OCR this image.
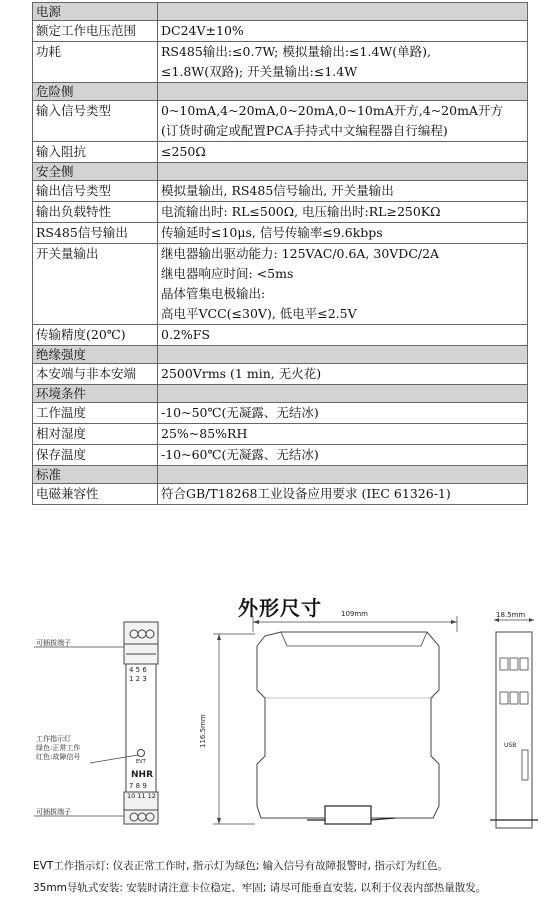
电源	
额定工作电压范围	DC24V±10%

功耗	RS485输出:≤0.7W; 模拟量输出:≤1.4W(单路),
≤1.8W(双路); 开关量输出:≤1.4W

危险侧	
输入信号类型	0~10mA,4~20mA,0~20mA,0~10mA开方,4~20mA开方
(订货时确定或配置PCA手持式中文编程器自行编程)

输入阻抗	≤250Ω

安全侧	
输出信号类型	模拟量输出, RS485信号输出, 开关量输出

输出负载特性	电流输出时: RL≤500Ω, 电压输出时:RL≥250KΩ

RS485信号输出	传输延时≤10μs, 信号传输率≤9.6kbps

开关量输出	继电器输出驱动能力: 125VAC/0.6A, 30VDC/2A
继电器响应时间: <5ms
晶体管集电极输出:
高电平VCC(≤30V), 低电平≤2.5V

传输精度(20℃)	0.2%FS

绝缘强度	
本安端与非本安端	2500Vrms (1 min, 无火花)

环境条件	
工作温度	-10~50℃(无凝露、无结冰)

相对湿度	25%~85%RH

保存温度	-10~60℃(无凝露、无结冰)

标准	
电磁兼容性	符合GB/T18268工业设备应用要求 (IEC 61326-1)
外形尺寸
可插拔端子
可插拔端子
工作指示灯
绿色:正常工作
红色:故障信号
4 5 6
1 2 3
EVT
NHR
7 8 9
10 11 12
109mm
116.5mm
18.5mm
USB
EVT工作指示灯: 仪表正常工作时, 指示灯为绿色; 输入信号有故障报警时, 指示灯为红色。
35mm导轨式安装: 安装时请注意卡位稳定、牢固; 请尽可能垂直安装, 以利于仪表内部热量散发。
